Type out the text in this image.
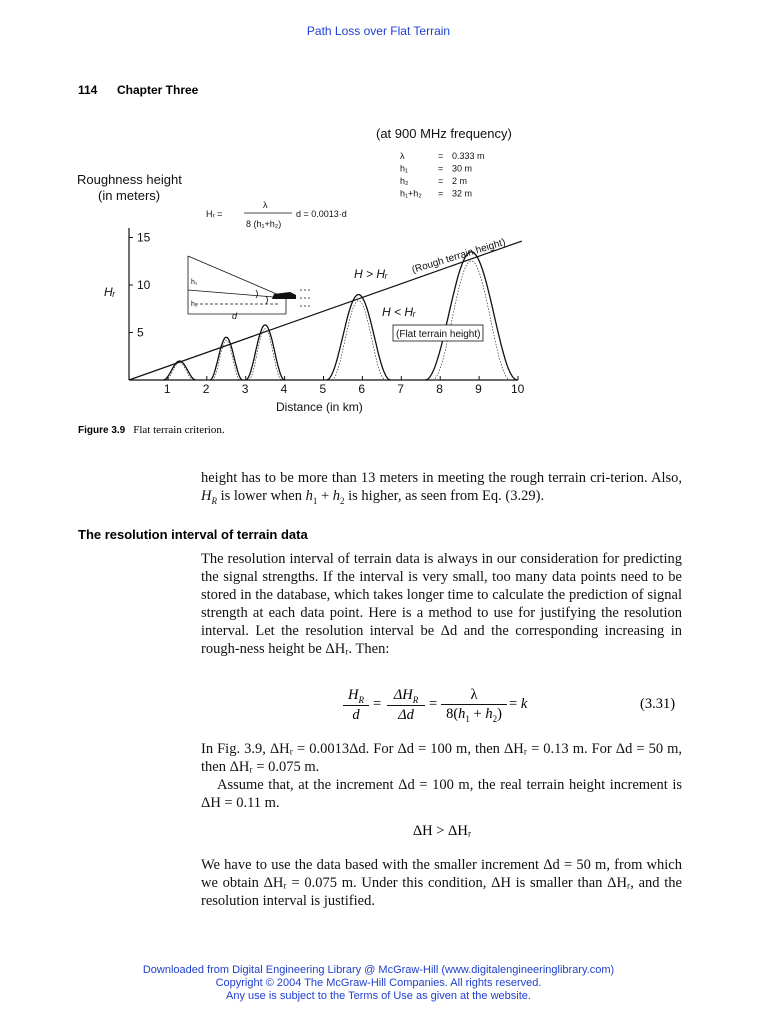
Path Loss over Flat Terrain
114 Chapter Three
(at 900 MHz frequency)
λ	= 0.333 m
h₁	= 30 m
h₂	= 2 m
h₁+h₂ = 32 m
Hᵣ =
λ
8 (h₁+h₂)
d = 0.0013·d
Roughness height
(in meters)
Hᵣ
5
10
15
1	2	3	4	5	6	7	8	9 10
Distance (in km)
H > Hᵣ (Rough terrain height)
H < Hᵣ
(Flat terrain height)
h₁
h₂
d
Figure 3.9 Flat terrain criterion.
height has to be more than 13 meters in meeting the rough terrain cri-terion. Also, $H_R$ is lower when $h_1 + h_2$ is higher, as seen from Eq. (3.29).
The resolution interval of terrain data
The resolution interval of terrain data is always in our consideration for predicting the signal strengths. If the interval is very small, too many data points need to be stored in the database, which takes longer time to calculate the prediction of signal strength at each data point. Here is a method to use for justifying the resolution interval. Let the resolution interval be Δd and the corresponding increasing in rough-ness height be ΔHᵣ. Then:
$\frac{H_R}{d}$ =
$\Delta H_R$
Δd
= $\frac{\lambda}{8(h_1 + h_2)} = k$	(3.31)
In Fig. 3.9, ΔHᵣ = 0.0013Δd. For Δd = 100 m, then ΔHᵣ = 0.13 m. For Δd = 50 m, then ΔHᵣ = 0.075 m.
Assume that, at the increment Δd = 100 m, the real terrain height increment is ΔH = 0.11 m.
ΔH > ΔHᵣ
We have to use the data based with the smaller increment Δd = 50 m, from which we obtain ΔHᵣ = 0.075 m. Under this condition, ΔH is smaller than ΔHᵣ, and the resolution interval is justified.
Downloaded from Digital Engineering Library @ McGraw-Hill (www.digitalengineeringlibrary.com)
Copyright © 2004 The McGraw-Hill Companies. All rights reserved.
Any use is subject to the Terms of Use as given at the website.
